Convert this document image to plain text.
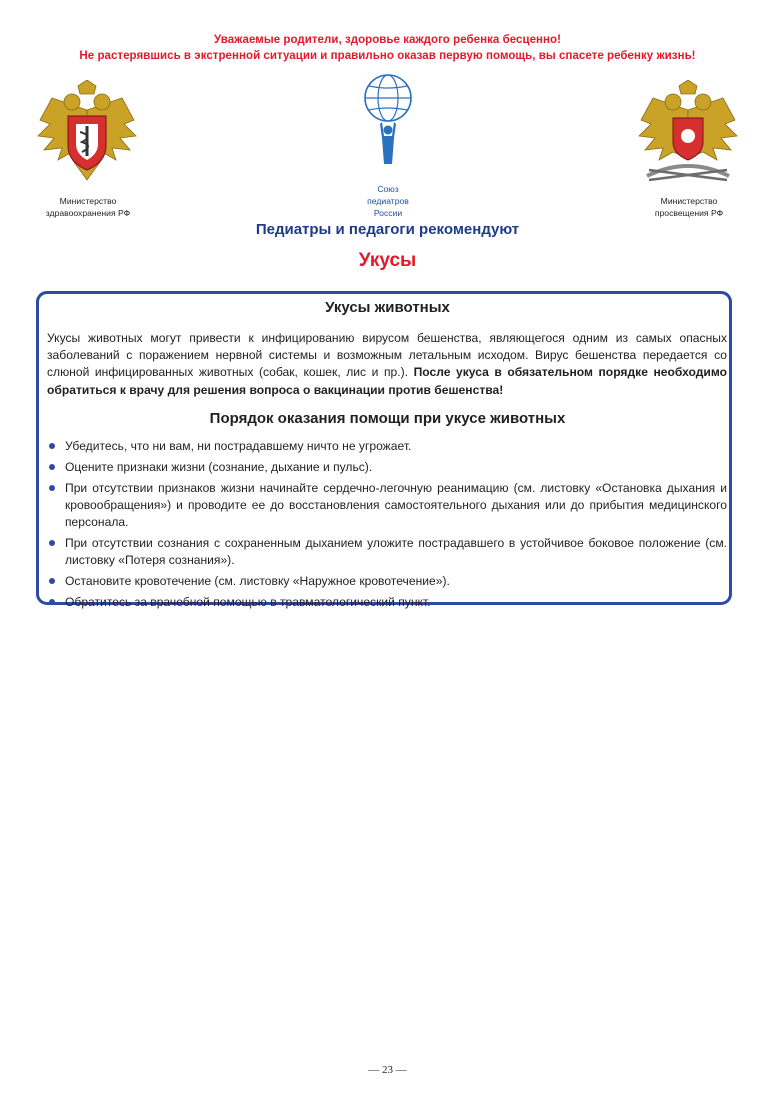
Уважаемые родители, здоровье каждого ребенка бесценно!
Не растерявшись в экстренной ситуации и правильно оказав первую помощь, вы спасете ребенку жизнь!
Министерство
здравоохранения РФ
Союз
педиатров
России
Министерство
просвещения РФ
Педиатры и педагоги рекомендуют
Укусы
Укусы животных

Укусы животных могут привести к инфицированию вирусом бешенства, являющегося одним из самых опасных заболеваний с поражением нервной системы и возможным летальным исходом. Вирус бешенства передается со слюной инфицированных животных (собак, кошек, лис и пр.). После укуса в обязательном порядке необходимо обратиться к врачу для решения вопроса о вакцинации против бешенства!

Порядок оказания помощи при укусе животных
Убедитесь, что ни вам, ни пострадавшему ничто не угрожает.
Оцените признаки жизни (сознание, дыхание и пульс).
При отсутствии признаков жизни начинайте сердечно-легочную реанимацию (см. листовку «Остановка дыхания и кровообращения») и проводите ее до восстановления самостоятельного дыхания или до прибытия медицинского персонала.
При отсутствии сознания с сохраненным дыханием уложите пострадавшего в устойчивое боковое положение (см. листовку «Потеря сознания»).
Остановите кровотечение (см. листовку «Наружное кровотечение»).
Обратитесь за врачебной помощью в травматологический пункт.
— 23 —
